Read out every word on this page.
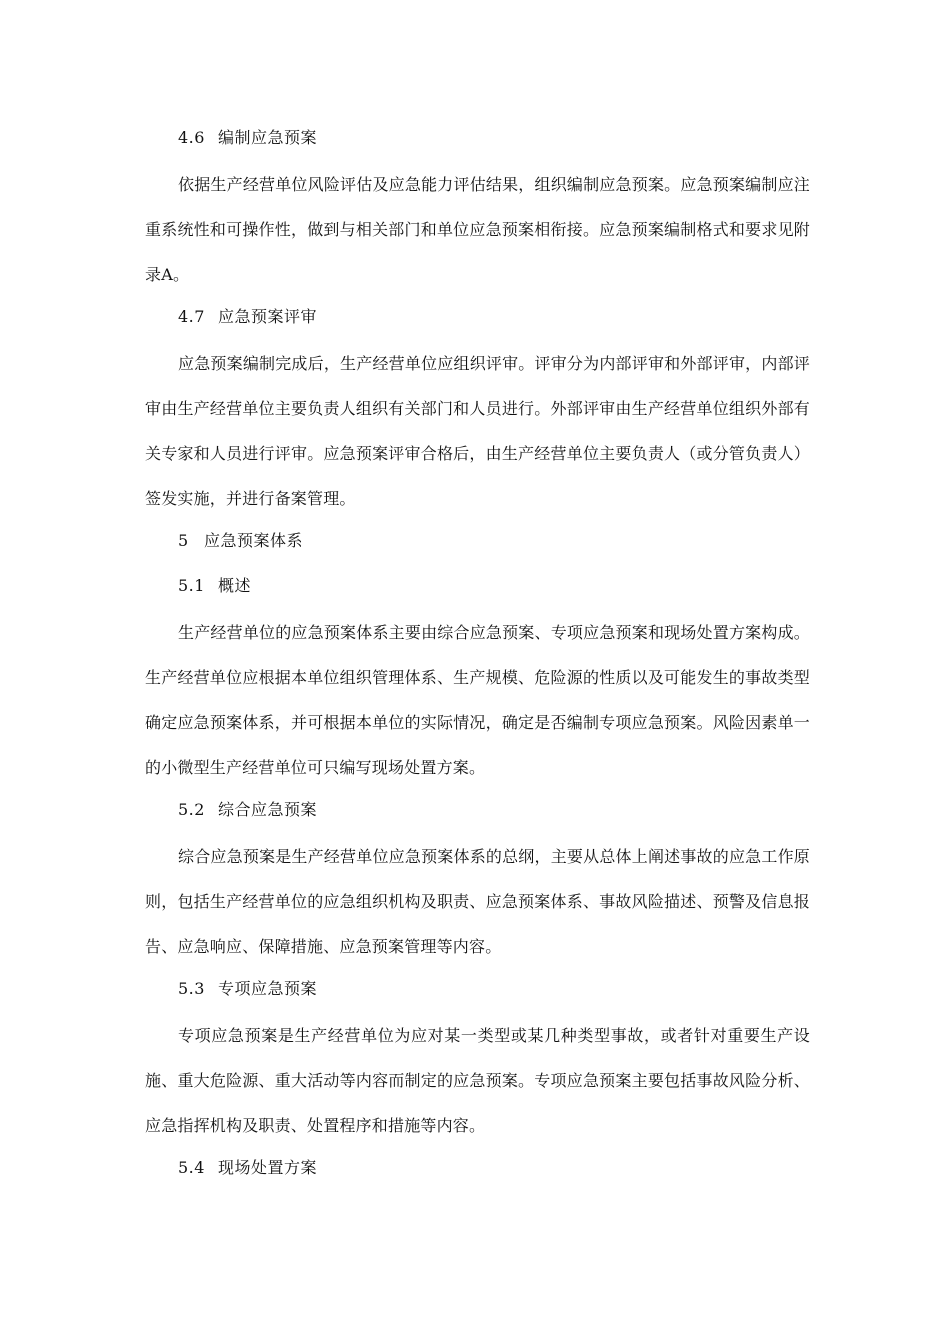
4.6 编制应急预案
依据生产经营单位风险评估及应急能力评估结果，组织编制应急预案。应急预案编制应注重系统性和可操作性，做到与相关部门和单位应急预案相衔接。应急预案编制格式和要求见附录A。
4.7 应急预案评审
应急预案编制完成后，生产经营单位应组织评审。评审分为内部评审和外部评审，内部评审由生产经营单位主要负责人组织有关部门和人员进行。外部评审由生产经营单位组织外部有关专家和人员进行评审。应急预案评审合格后，由生产经营单位主要负责人（或分管负责人）签发实施，并进行备案管理。
5 应急预案体系
5.1 概述
生产经营单位的应急预案体系主要由综合应急预案、专项应急预案和现场处置方案构成。生产经营单位应根据本单位组织管理体系、生产规模、危险源的性质以及可能发生的事故类型确定应急预案体系，并可根据本单位的实际情况，确定是否编制专项应急预案。风险因素单一的小微型生产经营单位可只编写现场处置方案。
5.2 综合应急预案
综合应急预案是生产经营单位应急预案体系的总纲，主要从总体上阐述事故的应急工作原则，包括生产经营单位的应急组织机构及职责、应急预案体系、事故风险描述、预警及信息报告、应急响应、保障措施、应急预案管理等内容。
5.3 专项应急预案
专项应急预案是生产经营单位为应对某一类型或某几种类型事故，或者针对重要生产设施、重大危险源、重大活动等内容而制定的应急预案。专项应急预案主要包括事故风险分析、应急指挥机构及职责、处置程序和措施等内容。
5.4 现场处置方案
